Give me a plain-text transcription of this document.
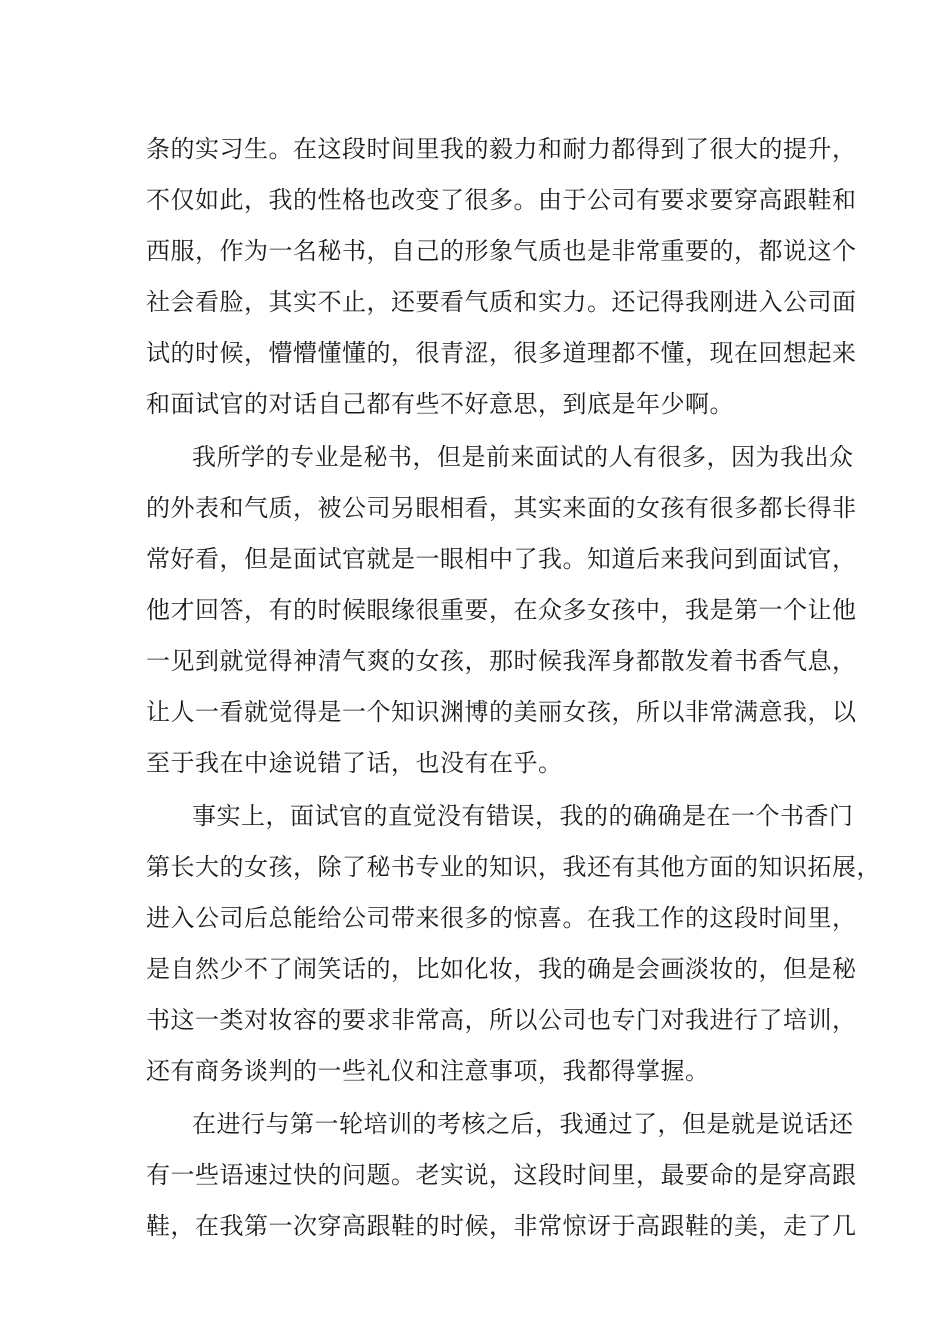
条的实习生。在这段时间里我的毅力和耐力都得到了很大的提升，
不仅如此，我的性格也改变了很多。由于公司有要求要穿高跟鞋和
西服，作为一名秘书，自己的形象气质也是非常重要的，都说这个
社会看脸，其实不止，还要看气质和实力。还记得我刚进入公司面
试的时候，懵懵懂懂的，很青涩，很多道理都不懂，现在回想起来
和面试官的对话自己都有些不好意思，到底是年少啊。
我所学的专业是秘书，但是前来面试的人有很多，因为我出众
的外表和气质，被公司另眼相看，其实来面的女孩有很多都长得非
常好看，但是面试官就是一眼相中了我。知道后来我问到面试官，
他才回答，有的时候眼缘很重要，在众多女孩中，我是第一个让他
一见到就觉得神清气爽的女孩，那时候我浑身都散发着书香气息，
让人一看就觉得是一个知识渊博的美丽女孩，所以非常满意我，以
至于我在中途说错了话，也没有在乎。
事实上，面试官的直觉没有错误，我的的确确是在一个书香门
第长大的女孩，除了秘书专业的知识，我还有其他方面的知识拓展，
进入公司后总能给公司带来很多的惊喜。在我工作的这段时间里，
是自然少不了闹笑话的，比如化妆，我的确是会画淡妆的，但是秘
书这一类对妆容的要求非常高，所以公司也专门对我进行了培训，
还有商务谈判的一些礼仪和注意事项，我都得掌握。
在进行与第一轮培训的考核之后，我通过了，但是就是说话还
有一些语速过快的问题。老实说，这段时间里，最要命的是穿高跟
鞋，在我第一次穿高跟鞋的时候，非常惊讶于高跟鞋的美，走了几
